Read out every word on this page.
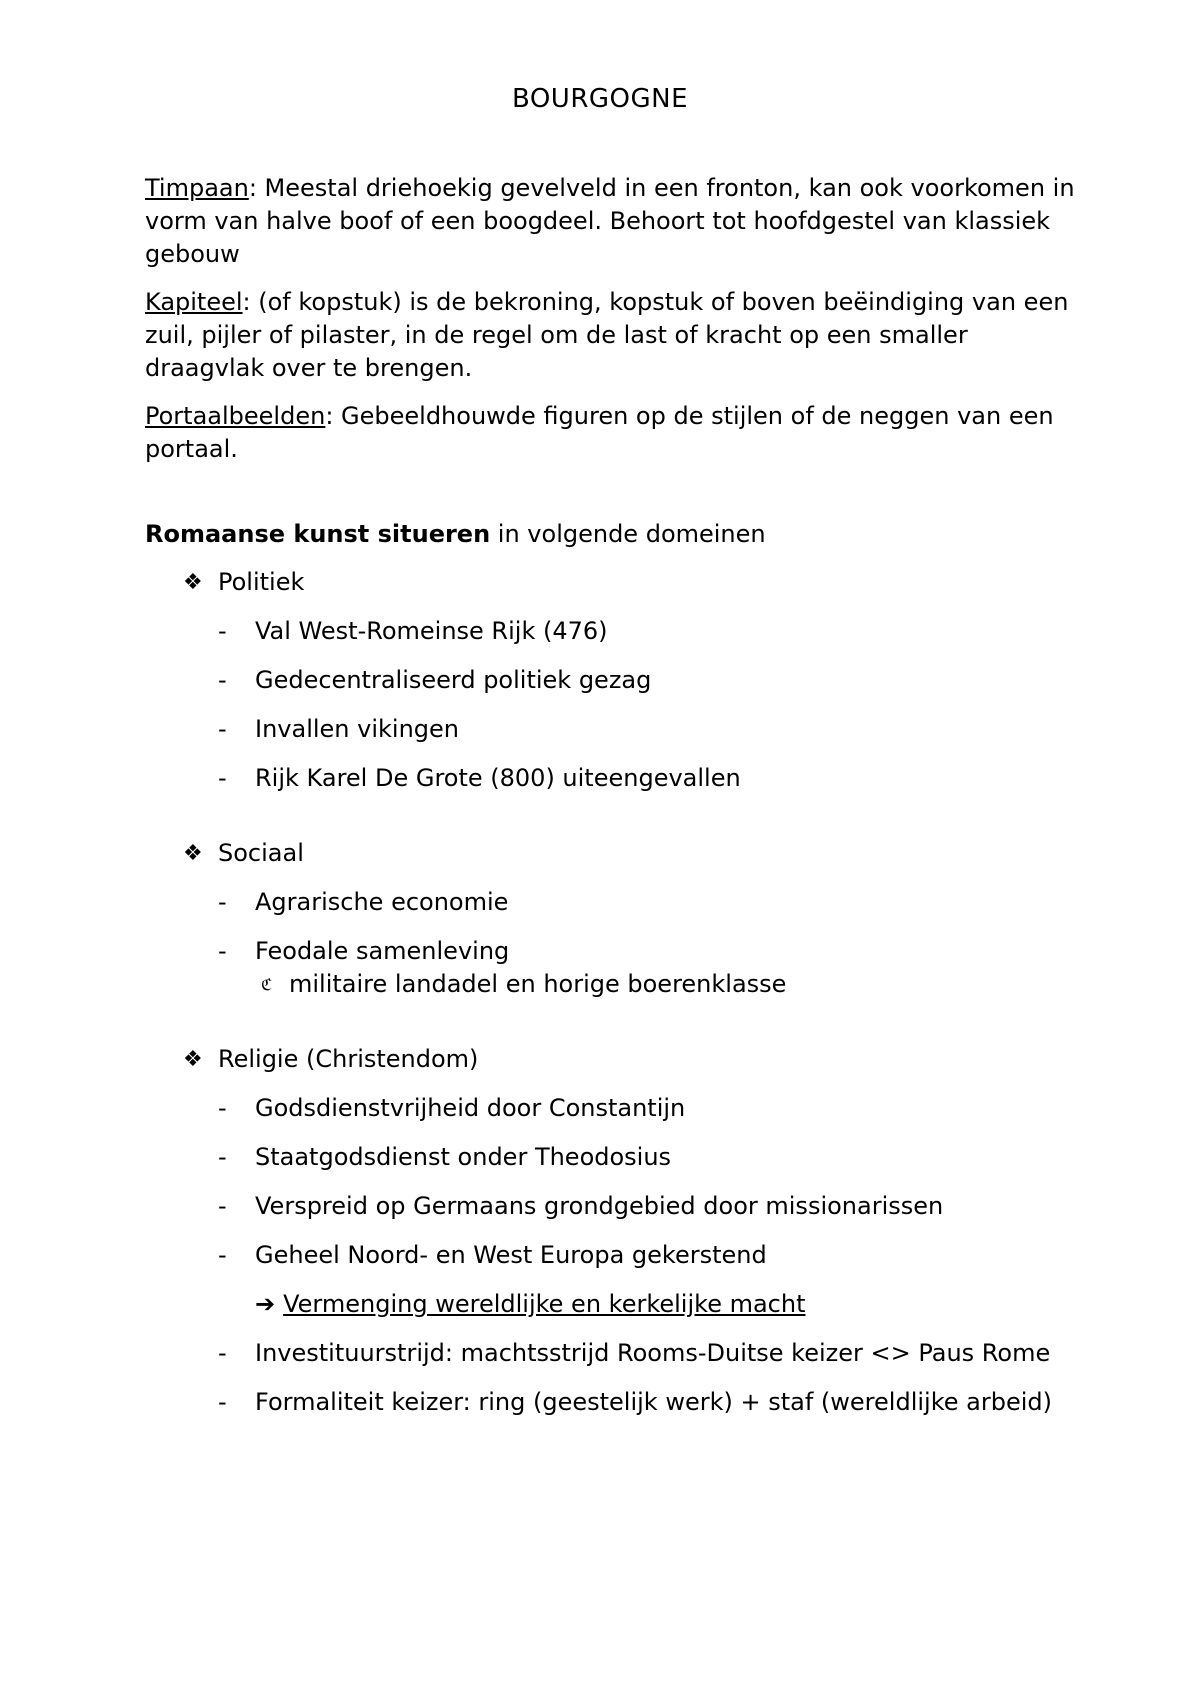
BOURGOGNE

Timpaan: Meestal driehoekig gevelveld in een fronton, kan ook voorkomen in vorm van halve boof of een boogdeel. Behoort tot hoofdgestel van klassiek gebouw

Kapiteel: (of kopstuk) is de bekroning, kopstuk of boven beëindiging van een zuil, pijler of pilaster, in de regel om de last of kracht op een smaller draagvlak over te brengen.

Portaalbeelden: Gebeeldhouwde figuren op de stijlen of de neggen van een portaal.

Romaanse kunst situeren in volgende domeinen
❖ Politiek
- Val West-Romeinse Rijk (476)
- Gedecentraliseerd politiek gezag
- Invallen vikingen
- Rijk Karel De Grote (800) uiteengevallen
❖ Sociaal
- Agrarische economie
- Feodale samenleving
ℭ militaire landadel en horige boerenklasse
❖ Religie (Christendom)
- Godsdienstvrijheid door Constantijn
- Staatgodsdienst onder Theodosius
- Verspreid op Germaans grondgebied door missionarissen
- Geheel Noord- en West Europa gekerstend
➔ Vermenging wereldlijke en kerkelijke macht
- Investituurstrijd: machtsstrijd Rooms-Duitse keizer <> Paus Rome
- Formaliteit keizer: ring (geestelijk werk) + staf (wereldlijke arbeid)
